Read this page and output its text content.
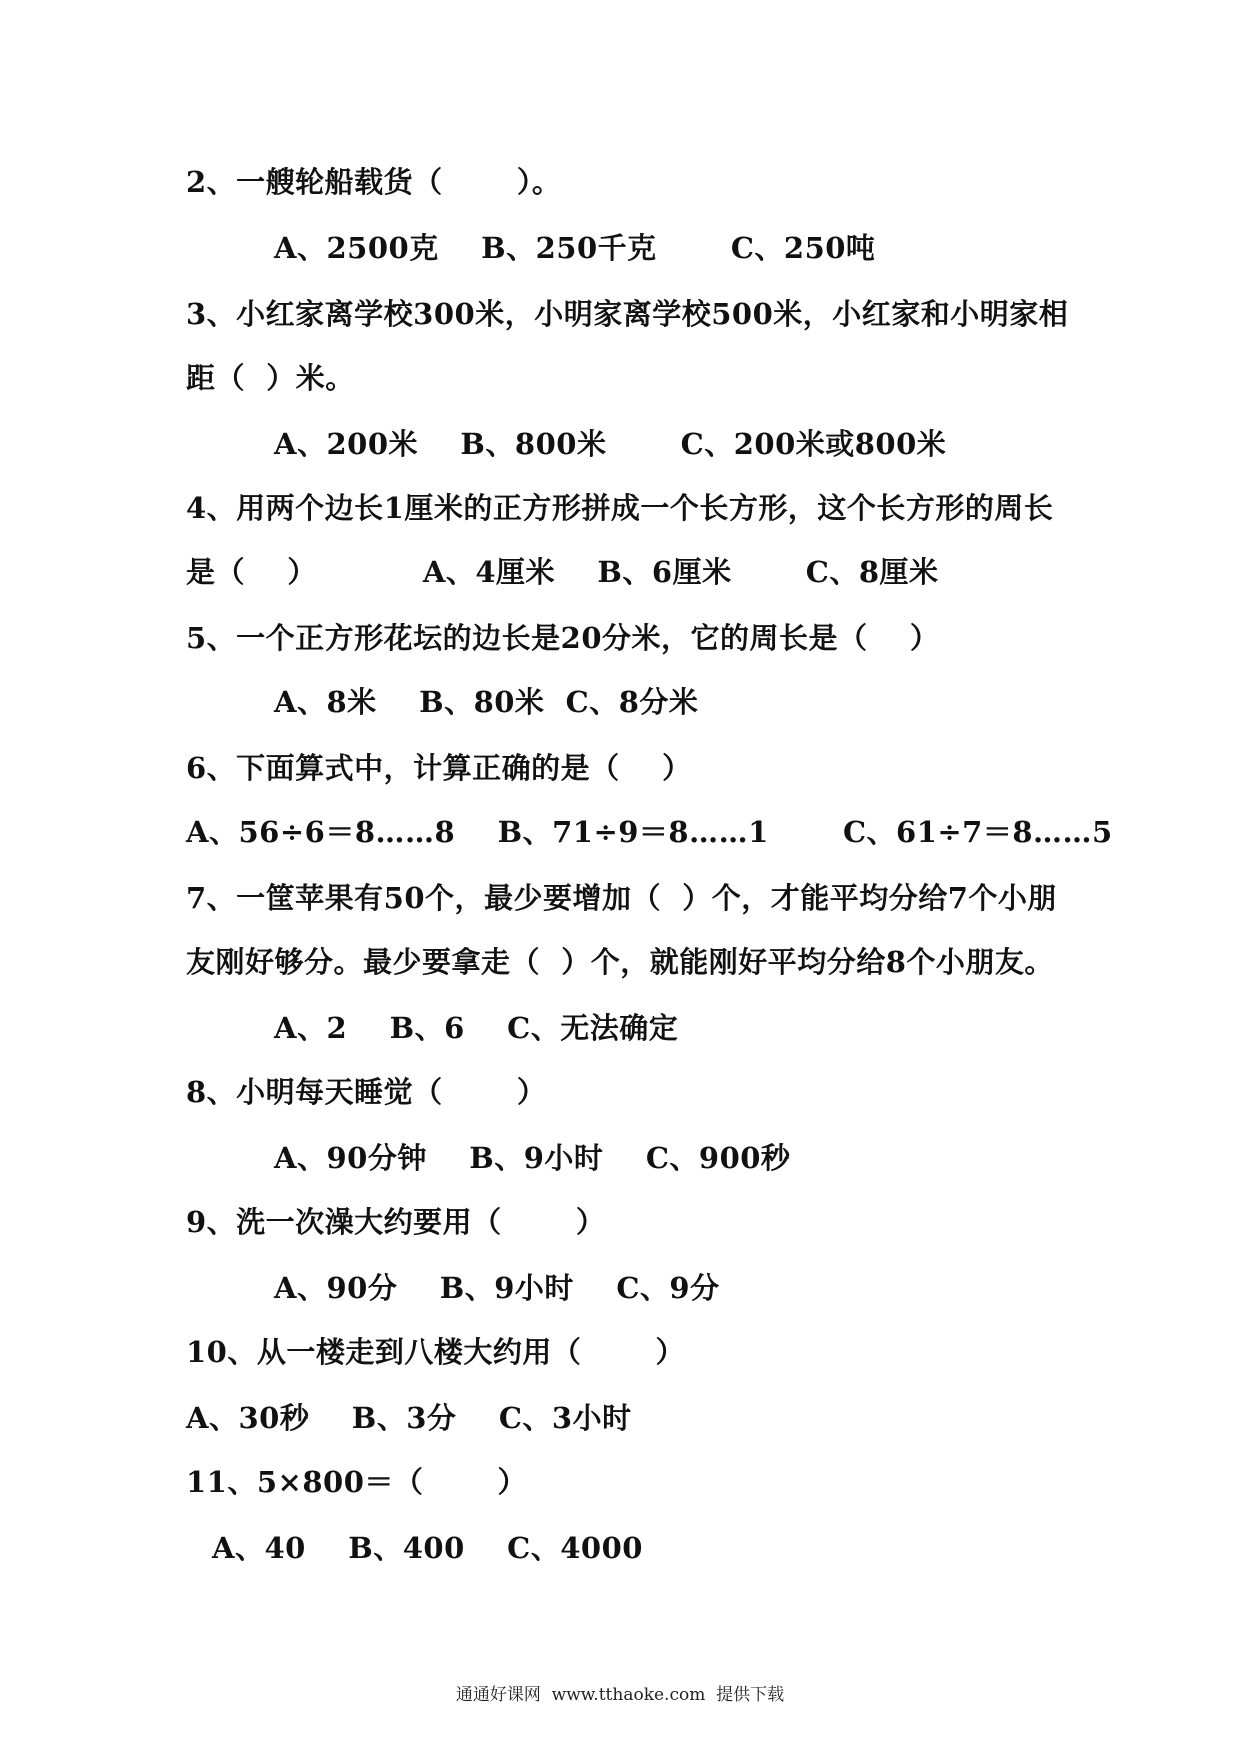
2、一艘轮船载货（       ）。
A、2500克    B、250千克       C、250吨
3、小红家离学校300米，小明家离学校500米，小红家和小明家相
距（  ）米。
A、200米    B、800米       C、200米或800米
4、用两个边长1厘米的正方形拼成一个长方形，这个长方形的周长
是（    ）          A、4厘米    B、6厘米       C、8厘米
5、一个正方形花坛的边长是20分米，它的周长是（    ）
A、8米    B、80米  C、8分米
6、下面算式中，计算正确的是（    ）
A、56÷6＝8……8    B、71÷9＝8……1       C、61÷7＝8……5
7、一筐苹果有50个，最少要增加（  ）个，才能平均分给7个小朋
友刚好够分。最少要拿走（  ）个，就能刚好平均分给8个小朋友。
A、2    B、6    C、无法确定
8、小明每天睡觉（       ）
A、90分钟    B、9小时    C、900秒
9、洗一次澡大约要用（       ）
A、90分    B、9小时    C、9分
10、从一楼走到八楼大约用（       ）
A、30秒    B、3分    C、3小时
11、5×800＝（       ）
A、40    B、400    C、4000
通通好课网  www.tthaoke.com  提供下载
